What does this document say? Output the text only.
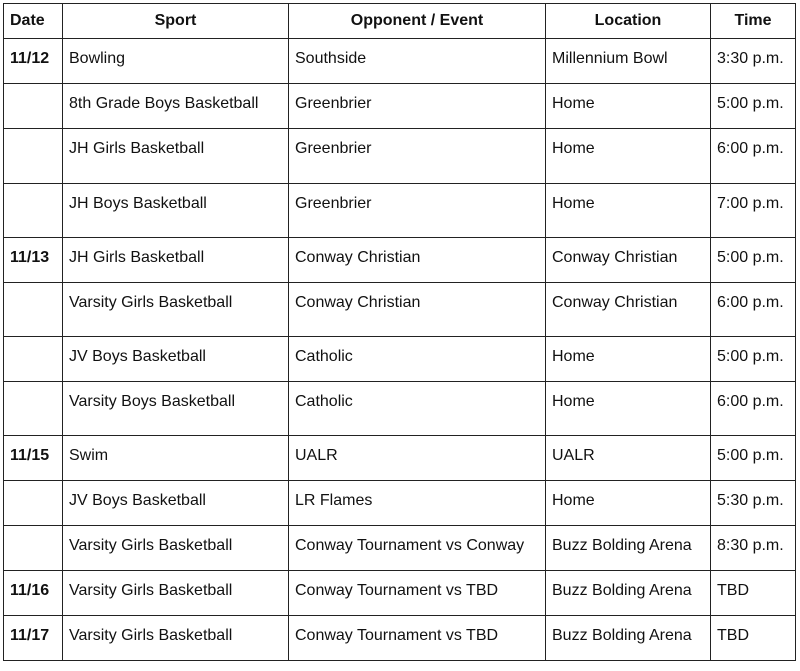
Date	Sport	Opponent / Event	Location	Time
11/12	Bowling	Southside	Millennium Bowl	3:30 p.m.
	8th Grade Boys Basketball	Greenbrier	Home	5:00 p.m.
	JH Girls Basketball	Greenbrier	Home	6:00 p.m.
	JH Boys Basketball	Greenbrier	Home	7:00 p.m.
11/13	JH Girls Basketball	Conway Christian	Conway Christian	5:00 p.m.
	Varsity Girls Basketball	Conway Christian	Conway Christian	6:00 p.m.
	JV Boys Basketball	Catholic	Home	5:00 p.m.
	Varsity Boys Basketball	Catholic	Home	6:00 p.m.
11/15	Swim	UALR	UALR	5:00 p.m.
	JV Boys Basketball	LR Flames	Home	5:30 p.m.
	Varsity Girls Basketball	Conway Tournament vs Conway	Buzz Bolding Arena	8:30 p.m.
11/16	Varsity Girls Basketball	Conway Tournament vs TBD	Buzz Bolding Arena	TBD
11/17	Varsity Girls Basketball	Conway Tournament vs TBD	Buzz Bolding Arena	TBD
